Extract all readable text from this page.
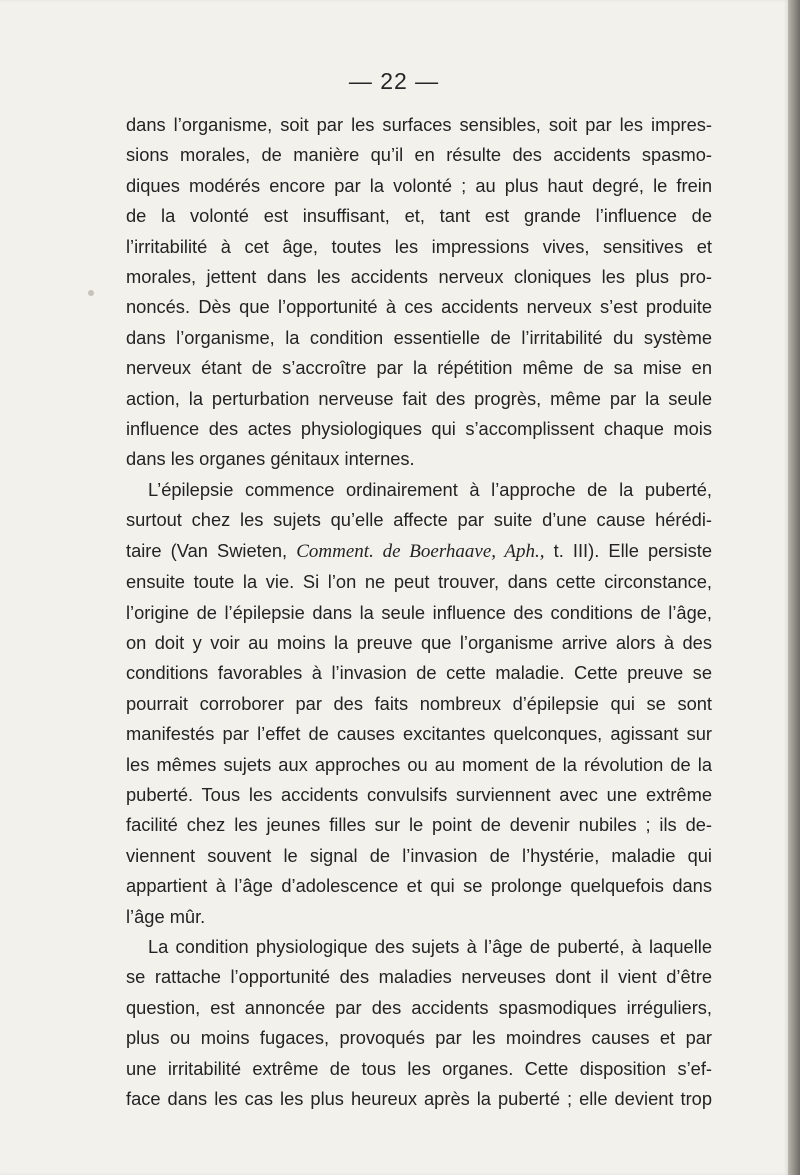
— 22 —
dans l’organisme, soit par les surfaces sensibles, soit par les impres-
sions morales, de manière qu’il en résulte des accidents spasmo-
diques modérés encore par la volonté ; au plus haut degré, le frein
de la volonté est insuffisant, et, tant est grande l’influence de
l’irritabilité à cet âge, toutes les impressions vives, sensitives et
morales, jettent dans les accidents nerveux cloniques les plus pro-
noncés. Dès que l’opportunité à ces accidents nerveux s’est produite
dans l’organisme, la condition essentielle de l’irritabilité du système
nerveux étant de s’accroître par la répétition même de sa mise en
action, la perturbation nerveuse fait des progrès, même par la seule
influence des actes physiologiques qui s’accomplissent chaque mois
dans les organes génitaux internes.
L’épilepsie commence ordinairement à l’approche de la puberté,
surtout chez les sujets qu’elle affecte par suite d’une cause hérédi-
taire (Van Swieten, Comment. de Boerhaave, Aph., t. III). Elle persiste
ensuite toute la vie. Si l’on ne peut trouver, dans cette circonstance,
l’origine de l’épilepsie dans la seule influence des conditions de l’âge,
on doit y voir au moins la preuve que l’organisme arrive alors à des
conditions favorables à l’invasion de cette maladie. Cette preuve se
pourrait corroborer par des faits nombreux d’épilepsie qui se sont
manifestés par l’effet de causes excitantes quelconques, agissant sur
les mêmes sujets aux approches ou au moment de la révolution de la
puberté. Tous les accidents convulsifs surviennent avec une extrême
facilité chez les jeunes filles sur le point de devenir nubiles ; ils de-
viennent souvent le signal de l’invasion de l’hystérie, maladie qui
appartient à l’âge d’adolescence et qui se prolonge quelquefois dans
l’âge mûr.
La condition physiologique des sujets à l’âge de puberté, à laquelle
se rattache l’opportunité des maladies nerveuses dont il vient d’être
question, est annoncée par des accidents spasmodiques irréguliers,
plus ou moins fugaces, provoqués par les moindres causes et par
une irritabilité extrême de tous les organes. Cette disposition s’ef-
face dans les cas les plus heureux après la puberté ; elle devient trop
